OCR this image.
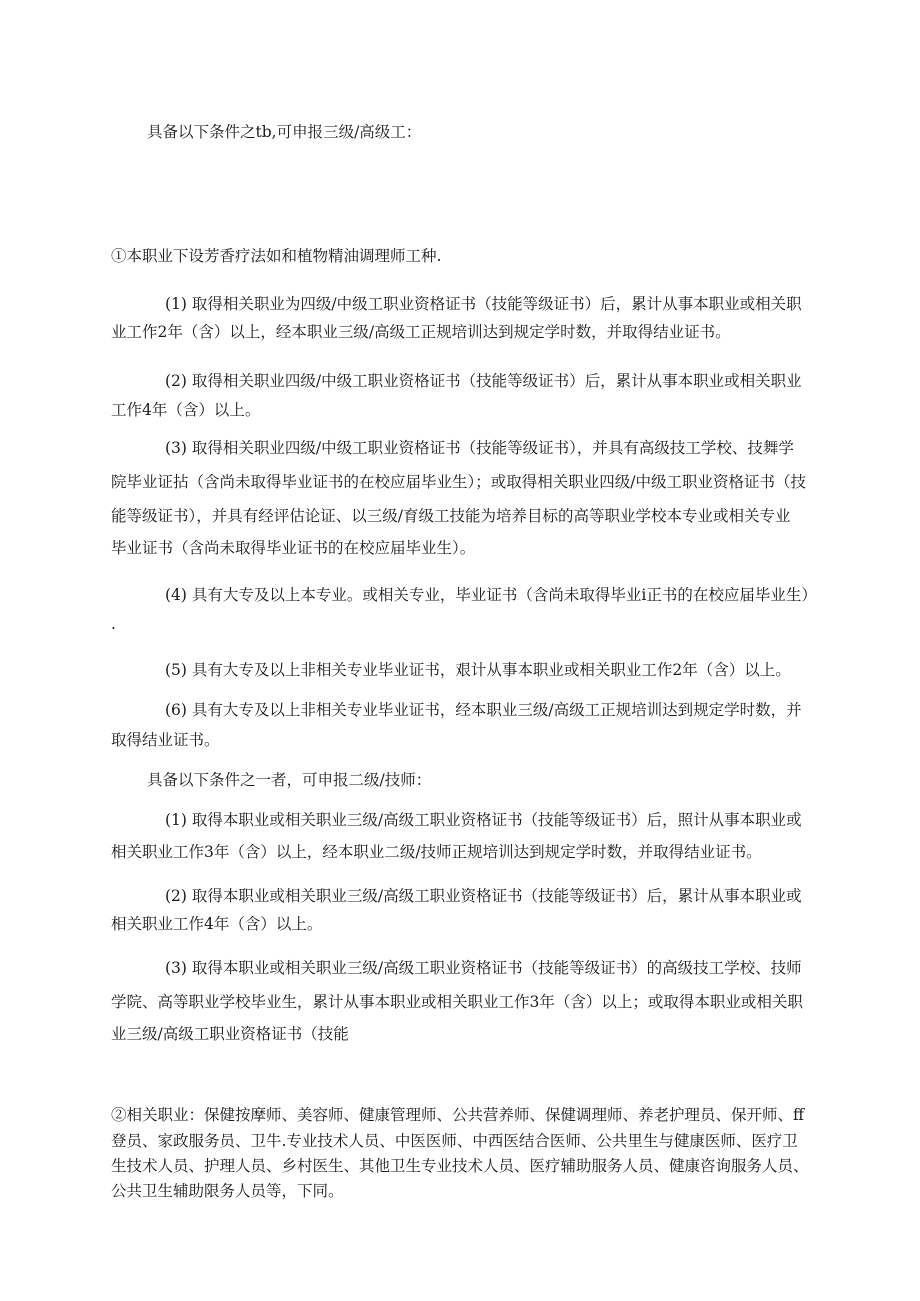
具备以下条件之tb,可申报三级/高级工：
①本职业下设芳香疗法如和植物精油调理师工种.
(1) 取得相关职业为四级/中级工职业资格证书（技能等级证书）后，累计从事本职业或相关职
业工作2年（含）以上，经本职业三级/高级工正规培训达到规定学时数，并取得结业证书。
(2) 取得相关职业四级/中级工职业资格证书（技能等级证书）后，累计从事本职业或相关职业
工作4年（含）以上。
(3) 取得相关职业四级/中级工职业资格证书（技能等级证书），并具有高级技工学校、技舞学
院毕业证拈（含尚未取得毕业证书的在校应届毕业生）；或取得相关职业四级/中级工职业资格证书（技
能等级证书），并具有经评估论证、以三级/育级工技能为培养目标的高等职业学校本专业或相关专业
毕业证书（含尚未取得毕业证书的在校应届毕业生）。
(4) 具有大专及以上本专业。或相关专业，毕业证书（含尚未取得毕业i正书的在校应届毕业生）
.
(5) 具有大专及以上非相关专业毕业证书，艰计从事本职业或相关职业工作2年（含）以上。
(6) 具有大专及以上非相关专业毕业证书，经本职业三级/高级工正规培训达到规定学时数，并
取得结业证书。
具备以下条件之一者，可申报二级/技师：
(1) 取得本职业或相关职业三级/高级工职业资格证书（技能等级证书）后，照计从事本职业或
相关职业工作3年（含）以上，经本职业二级/技师正规培训达到规定学时数，并取得结业证书。
(2) 取得本职业或相关职业三级/高级工职业资格证书（技能等级证书）后，累计从事本职业或
相关职业工作4年（含）以上。
(3) 取得本职业或相关职业三级/高级工职业资格证书（技能等级证书）的高级技工学校、技师
学院、高等职业学校毕业生，累计从事本职业或相关职业工作3年（含）以上；或取得本职业或相关职
业三级/高级工职业资格证书（技能
②相关职业：保健按摩师、美容师、健康管理师、公共营养师、保健调理师、养老护理员、保开师、ff
登员、家政服务员、卫牛.专业技术人员、中医医师、中西医结合医师、公共里生与健康医师、医疗卫
生技术人员、护理人员、乡村医生、其他卫生专业技术人员、医疗辅助服务人员、健康咨询服务人员、
公共卫生辅助限务人员等，下同。
